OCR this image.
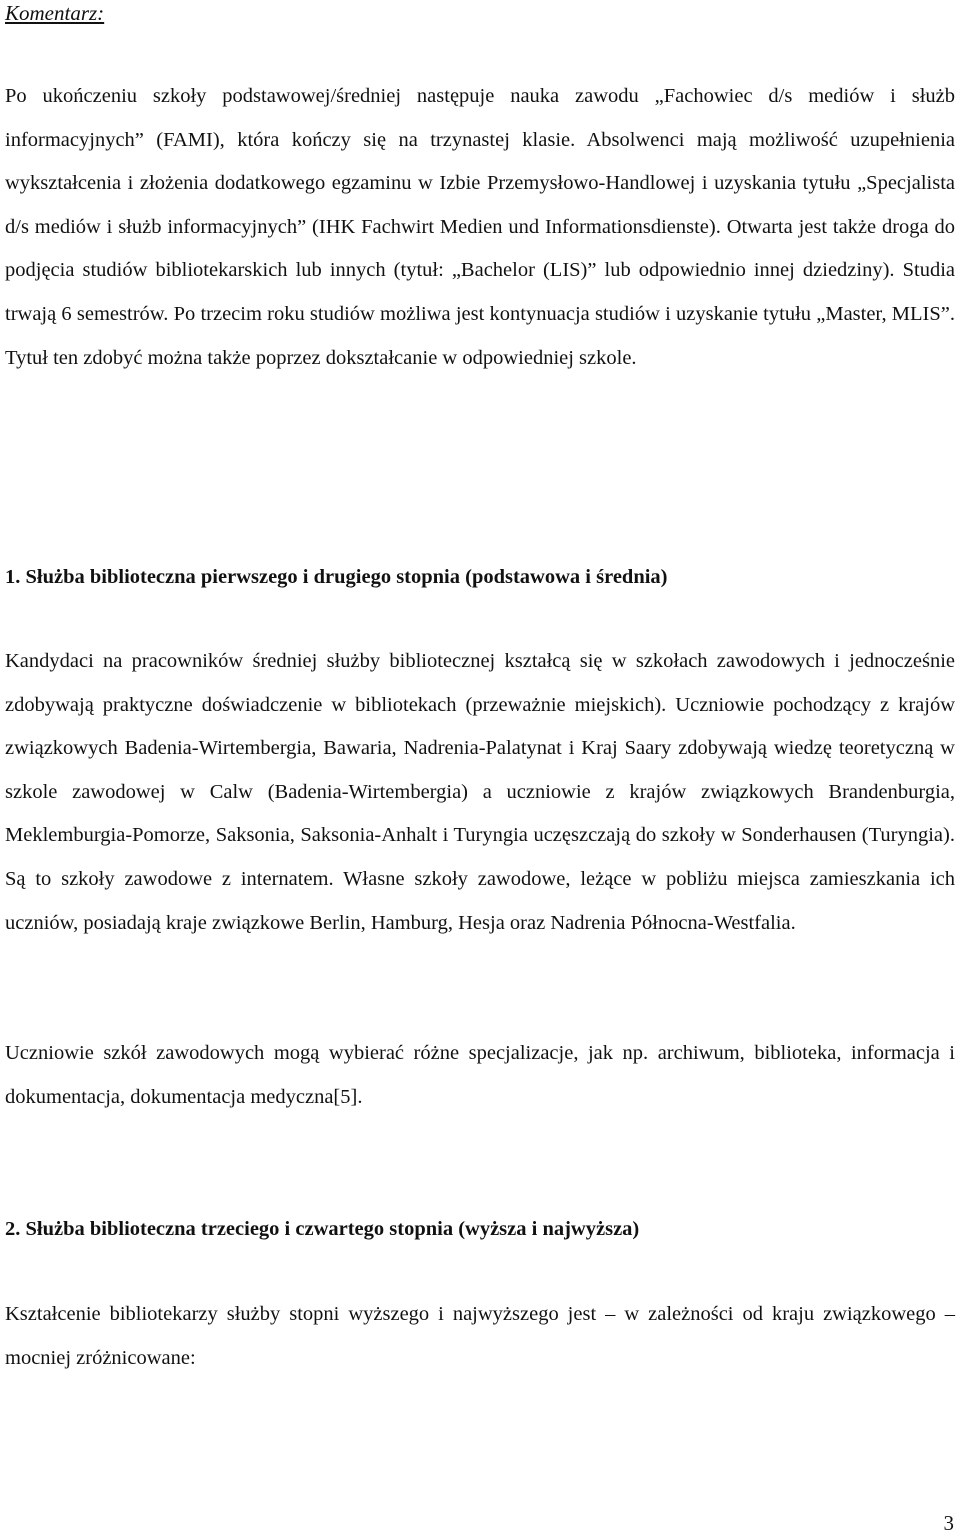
Komentarz:

Po ukończeniu szkoły podstawowej/średniej następuje nauka zawodu „Fachowiec d/s mediów i służb informacyjnych” (FAMI), która kończy się na trzynastej klasie. Absolwenci mają możliwość uzupełnienia wykształcenia i złożenia dodatkowego egzaminu w Izbie Przemysłowo-Handlowej i uzyskania tytułu „Specjalista d/s mediów i służb informacyjnych” (IHK Fachwirt Medien und Informationsdienste). Otwarta jest także droga do podjęcia studiów bibliotekarskich lub innych (tytuł: „Bachelor (LIS)” lub odpowiednio innej dziedziny). Studia trwają 6 semestrów. Po trzecim roku studiów możliwa jest kontynuacja studiów i uzyskanie tytułu „Master, MLIS”. Tytuł ten zdobyć można także poprzez dokształcanie w odpowiedniej szkole.

1. Służba biblioteczna pierwszego i drugiego stopnia (podstawowa i średnia)

Kandydaci na pracowników średniej służby bibliotecznej kształcą się w szkołach zawodowych i jednocześnie zdobywają praktyczne doświadczenie w bibliotekach (przeważnie miejskich). Uczniowie pochodzący z krajów związkowych Badenia-Wirtembergia, Bawaria, Nadrenia-Palatynat i Kraj Saary zdobywają wiedzę teoretyczną w szkole zawodowej w Calw (Badenia-Wirtembergia) a uczniowie z krajów związkowych Brandenburgia, Meklemburgia-Pomorze, Saksonia, Saksonia-Anhalt i Turyngia uczęszczają do szkoły w Sonderhausen (Turyngia). Są to szkoły zawodowe z internatem. Własne szkoły zawodowe, leżące w pobliżu miejsca zamieszkania ich uczniów, posiadają kraje związkowe Berlin, Hamburg, Hesja oraz Nadrenia Północna-Westfalia.

Uczniowie szkół zawodowych mogą wybierać różne specjalizacje, jak np. archiwum, biblioteka, informacja i dokumentacja, dokumentacja medyczna[5].

2. Służba biblioteczna trzeciego i czwartego stopnia (wyższa i najwyższa)

Kształcenie bibliotekarzy służby stopni wyższego i najwyższego jest – w zależności od kraju związkowego – mocniej zróżnicowane:

3
